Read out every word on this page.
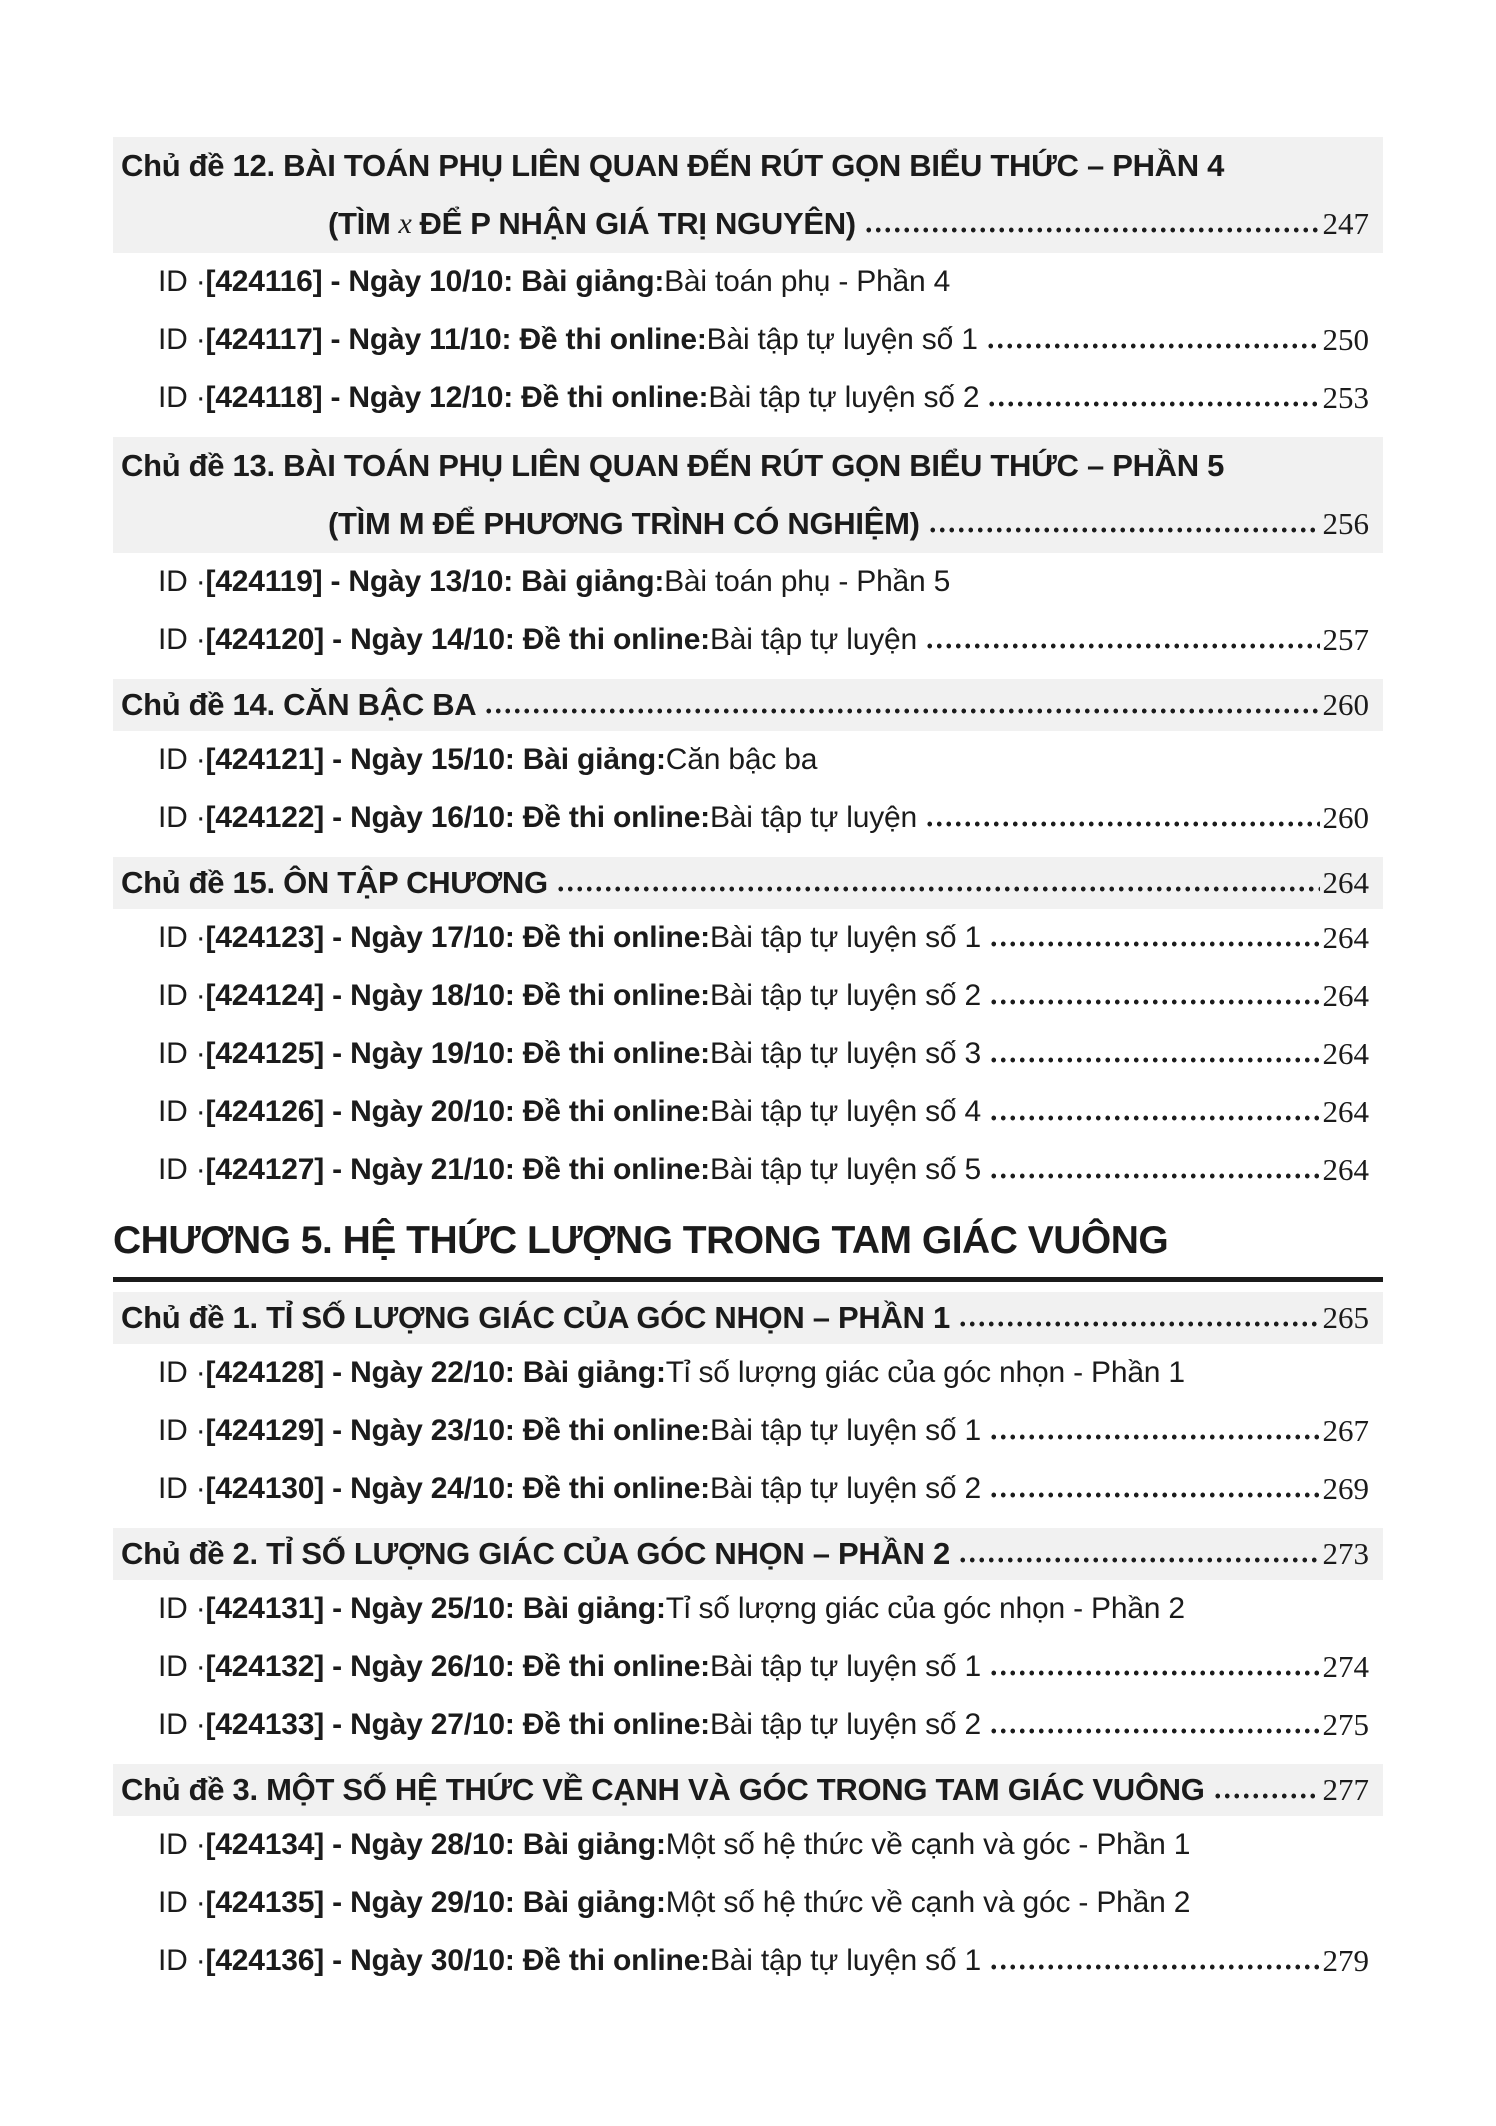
Chủ đề 12. BÀI TOÁN PHỤ LIÊN QUAN ĐẾN RÚT GỌN BIỂU THỨC – PHẦN 4
(TÌM x ĐỂ P NHẬN GIÁ TRỊ NGUYÊN)	247
ID · [424116] - Ngày 10/10: Bài giảng: Bài toán phụ - Phần 4
ID · [424117] - Ngày 11/10: Đề thi online: Bài tập tự luyện số 1	250
ID · [424118] - Ngày 12/10: Đề thi online: Bài tập tự luyện số 2	253
Chủ đề 13. BÀI TOÁN PHỤ LIÊN QUAN ĐẾN RÚT GỌN BIỂU THỨC – PHẦN 5
(TÌM M ĐỂ PHƯƠNG TRÌNH CÓ NGHIỆM)	256
ID · [424119] - Ngày 13/10: Bài giảng: Bài toán phụ - Phần 5
ID · [424120] - Ngày 14/10: Đề thi online: Bài tập tự luyện	257
Chủ đề 14. CĂN BẬC BA	260
ID · [424121] - Ngày 15/10: Bài giảng: Căn bậc ba
ID · [424122] - Ngày 16/10: Đề thi online: Bài tập tự luyện	260
Chủ đề 15. ÔN TẬP CHƯƠNG	264
ID · [424123] - Ngày 17/10: Đề thi online: Bài tập tự luyện số 1	264
ID · [424124] - Ngày 18/10: Đề thi online: Bài tập tự luyện số 2	264
ID · [424125] - Ngày 19/10: Đề thi online: Bài tập tự luyện số 3	264
ID · [424126] - Ngày 20/10: Đề thi online: Bài tập tự luyện số 4	264
ID · [424127] - Ngày 21/10: Đề thi online: Bài tập tự luyện số 5	264
CHƯƠNG 5. HỆ THỨC LƯỢNG TRONG TAM GIÁC VUÔNG
Chủ đề 1. TỈ SỐ LƯỢNG GIÁC CỦA GÓC NHỌN – PHẦN 1	265
ID · [424128] - Ngày 22/10: Bài giảng: Tỉ số lượng giác của góc nhọn - Phần 1
ID · [424129] - Ngày 23/10: Đề thi online: Bài tập tự luyện số 1	267
ID · [424130] - Ngày 24/10: Đề thi online: Bài tập tự luyện số 2	269
Chủ đề 2. TỈ SỐ LƯỢNG GIÁC CỦA GÓC NHỌN – PHẦN 2	273
ID · [424131] - Ngày 25/10: Bài giảng: Tỉ số lượng giác của góc nhọn - Phần 2
ID · [424132] - Ngày 26/10: Đề thi online: Bài tập tự luyện số 1	274
ID · [424133] - Ngày 27/10: Đề thi online: Bài tập tự luyện số 2	275
Chủ đề 3. MỘT SỐ HỆ THỨC VỀ CẠNH VÀ GÓC TRONG TAM GIÁC VUÔNG	277
ID · [424134] - Ngày 28/10: Bài giảng: Một số hệ thức về cạnh và góc - Phần 1
ID · [424135] - Ngày 29/10: Bài giảng: Một số hệ thức về cạnh và góc - Phần 2
ID · [424136] - Ngày 30/10: Đề thi online: Bài tập tự luyện số 1	279
